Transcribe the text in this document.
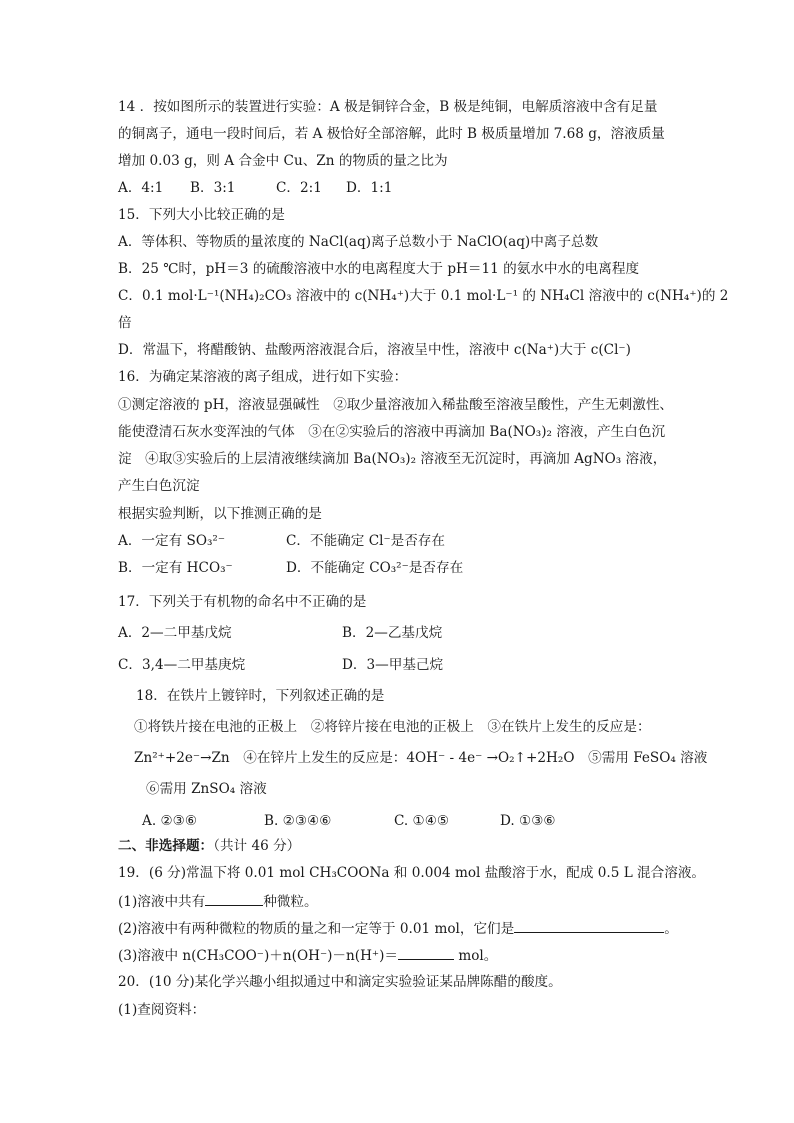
14 ．按如图所示的装置进行实验：A 极是铜锌合金，B 极是纯铜，电解质溶液中含有足量
的铜离子，通电一段时间后，若 A 极恰好全部溶解，此时 B 极质量增加 7.68 g，溶液质量
增加 0.03 g，则 A 合金中 Cu、Zn 的物质的量之比为
A．4:1 B．3:1	C．2:1 D．1:1
15．下列大小比较正确的是
A．等体积、等物质的量浓度的 NaCl(aq)离子总数小于 NaClO(aq)中离子总数
B．25 ℃时，pH＝3 的硫酸溶液中水的电离程度大于 pH＝11 的氨水中水的电离程度
C．0.1 mol·L⁻¹(NH₄)₂CO₃ 溶液中的 c(NH₄⁺)大于 0.1 mol·L⁻¹ 的 NH₄Cl 溶液中的 c(NH₄⁺)的 2
倍
D．常温下，将醋酸钠、盐酸两溶液混合后，溶液呈中性，溶液中 c(Na⁺)大于 c(Cl⁻)
16．为确定某溶液的离子组成，进行如下实验：
①测定溶液的 pH，溶液显强碱性　②取少量溶液加入稀盐酸至溶液呈酸性，产生无刺激性、
能使澄清石灰水变浑浊的气体　③在②实验后的溶液中再滴加 Ba(NO₃)₂ 溶液，产生白色沉
淀　④取③实验后的上层清液继续滴加 Ba(NO₃)₂ 溶液至无沉淀时，再滴加 AgNO₃ 溶液，
产生白色沉淀
根据实验判断，以下推测正确的是
A．一定有 SO₃²⁻	C．不能确定 Cl⁻是否存在
B．一定有 HCO₃⁻	D．不能确定 CO₃²⁻是否存在
17．下列关于有机物的命名中不正确的是
A．2—二甲基戊烷	B．2—乙基戊烷
C．3,4—二甲基庚烷	D．3—甲基己烷
18．在铁片上镀锌时，下列叙述正确的是
①将铁片接在电池的正极上　②将锌片接在电池的正极上　③在铁片上发生的反应是：
Zn²⁺+2e⁻→Zn　④在锌片上发生的反应是：4OH⁻ - 4e⁻ →O₂↑+2H₂O　⑤需用 FeSO₄ 溶液
⑥需用 ZnSO₄ 溶液
A. ②③⑥	B. ②③④⑥	C. ①④⑤	D. ①③⑥
二、非选择题：（共计 46 分）
19．(6 分)常温下将 0.01 mol CH₃COONa 和 0.004 mol 盐酸溶于水，配成 0.5 L 混合溶液。
(1)溶液中共有	种微粒。
(2)溶液中有两种微粒的物质的量之和一定等于 0.01 mol，它们是	。
(3)溶液中 n(CH₃COO⁻)＋n(OH⁻)－n(H⁺)＝	mol。
20．(10 分)某化学兴趣小组拟通过中和滴定实验验证某品牌陈醋的酸度。
(1)查阅资料：
